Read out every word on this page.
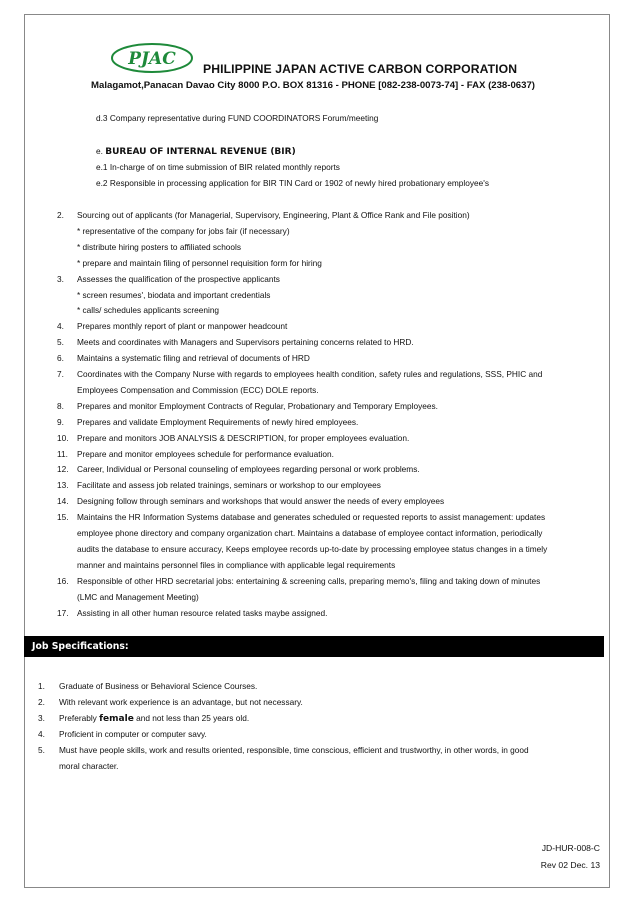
PJAC PHILIPPINE JAPAN ACTIVE CARBON CORPORATION
Malagamot,Panacan Davao City 8000 P.O. BOX 81316 - PHONE [082-238-0073-74] - FAX (238-0637)
d.3 Company representative during FUND COORDINATORS Forum/meeting
e. BUREAU OF INTERNAL REVENUE (BIR)
e.1 In-charge of on time submission of BIR related monthly reports
e.2 Responsible in processing application for BIR TIN Card or 1902 of newly hired probationary employee's
2. Sourcing out of applicants (for Managerial, Supervisory, Engineering, Plant & Office Rank and File position)
* representative of the company for jobs fair (if necessary)
* distribute hiring posters to affiliated schools
* prepare and maintain filing of personnel requisition form for hiring
3. Assesses the qualification of the prospective applicants
* screen resumes', biodata and important credentials
* calls/ schedules applicants screening
4. Prepares monthly report of plant or manpower headcount
5. Meets and coordinates with Managers and Supervisors pertaining concerns related to HRD.
6. Maintains a systematic filing and retrieval of documents of HRD
7. Coordinates with the Company Nurse with regards to employees health condition, safety rules and regulations, SSS, PHIC and
Employees Compensation and Commission (ECC) DOLE reports.
8. Prepares and monitor Employment Contracts of Regular, Probationary and Temporary Employees.
9. Prepares and validate Employment Requirements of newly hired employees.
10. Prepare and monitors JOB ANALYSIS & DESCRIPTION, for proper employees evaluation.
11. Prepare and monitor employees schedule for performance evaluation.
12. Career, Individual or Personal counseling of employees regarding personal or work problems.
13. Facilitate and assess job related trainings, seminars or workshop to our employees
14. Designing follow through seminars and workshops that would answer the needs of every employees
15. Maintains the HR Information Systems database and generates scheduled or requested reports to assist management: updates
employee phone directory and company organization chart. Maintains a database of employee contact information, periodically
audits the database to ensure accuracy, Keeps employee records up-to-date by processing employee status changes in a timely
manner and maintains personnel files in compliance with applicable legal requirements
16. Responsible of other HRD secretarial jobs: entertaining & screening calls, preparing memo's, filing and taking down of minutes
(LMC and Management Meeting)
17. Assisting in all other human resource related tasks maybe assigned.
Job Specifications:
1. Graduate of Business or Behavioral Science Courses.
2. With relevant work experience is an advantage, but not necessary.
3. Preferably female and not less than 25 years old.
4. Proficient in computer or computer savy.
5. Must have people skills, work and results oriented, responsible, time conscious, efficient and trustworthy, in other words, in good
moral character.
JD-HUR-008-C
Rev 02 Dec. 13
